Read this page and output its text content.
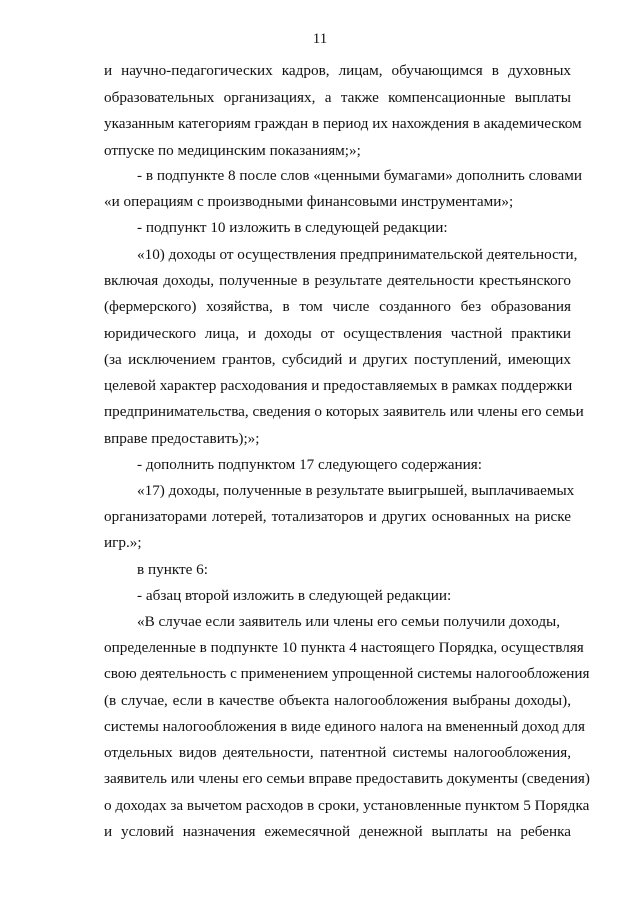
11
и научно-педагогических кадров, лицам, обучающимся в духовных
образовательных организациях, а также компенсационные выплаты
указанным категориям граждан в период их нахождения в академическом
отпуске по медицинским показаниям;»;
- в подпункте 8 после слов «ценными бумагами» дополнить словами
«и операциям с производными финансовыми инструментами»;
- подпункт 10 изложить в следующей редакции:
«10) доходы от осуществления предпринимательской деятельности,
включая доходы, полученные в результате деятельности крестьянского
(фермерского) хозяйства, в том числе созданного без образования
юридического лица, и доходы от осуществления частной практики
(за исключением грантов, субсидий и других поступлений, имеющих
целевой характер расходования и предоставляемых в рамках поддержки
предпринимательства, сведения о которых заявитель или члены его семьи
вправе предоставить);»;
- дополнить подпунктом 17 следующего содержания:
«17) доходы, полученные в результате выигрышей, выплачиваемых
организаторами лотерей, тотализаторов и других основанных на риске
игр.»;
в пункте 6:
- абзац второй изложить в следующей редакции:
«В случае если заявитель или члены его семьи получили доходы,
определенные в подпункте 10 пункта 4 настоящего Порядка, осуществляя
свою деятельность с применением упрощенной системы налогообложения
(в случае, если в качестве объекта налогообложения выбраны доходы),
системы налогообложения в виде единого налога на вмененный доход для
отдельных видов деятельности, патентной системы налогообложения,
заявитель или члены его семьи вправе предоставить документы (сведения)
о доходах за вычетом расходов в сроки, установленные пунктом 5 Порядка
и условий назначения ежемесячной денежной выплаты на ребенка
